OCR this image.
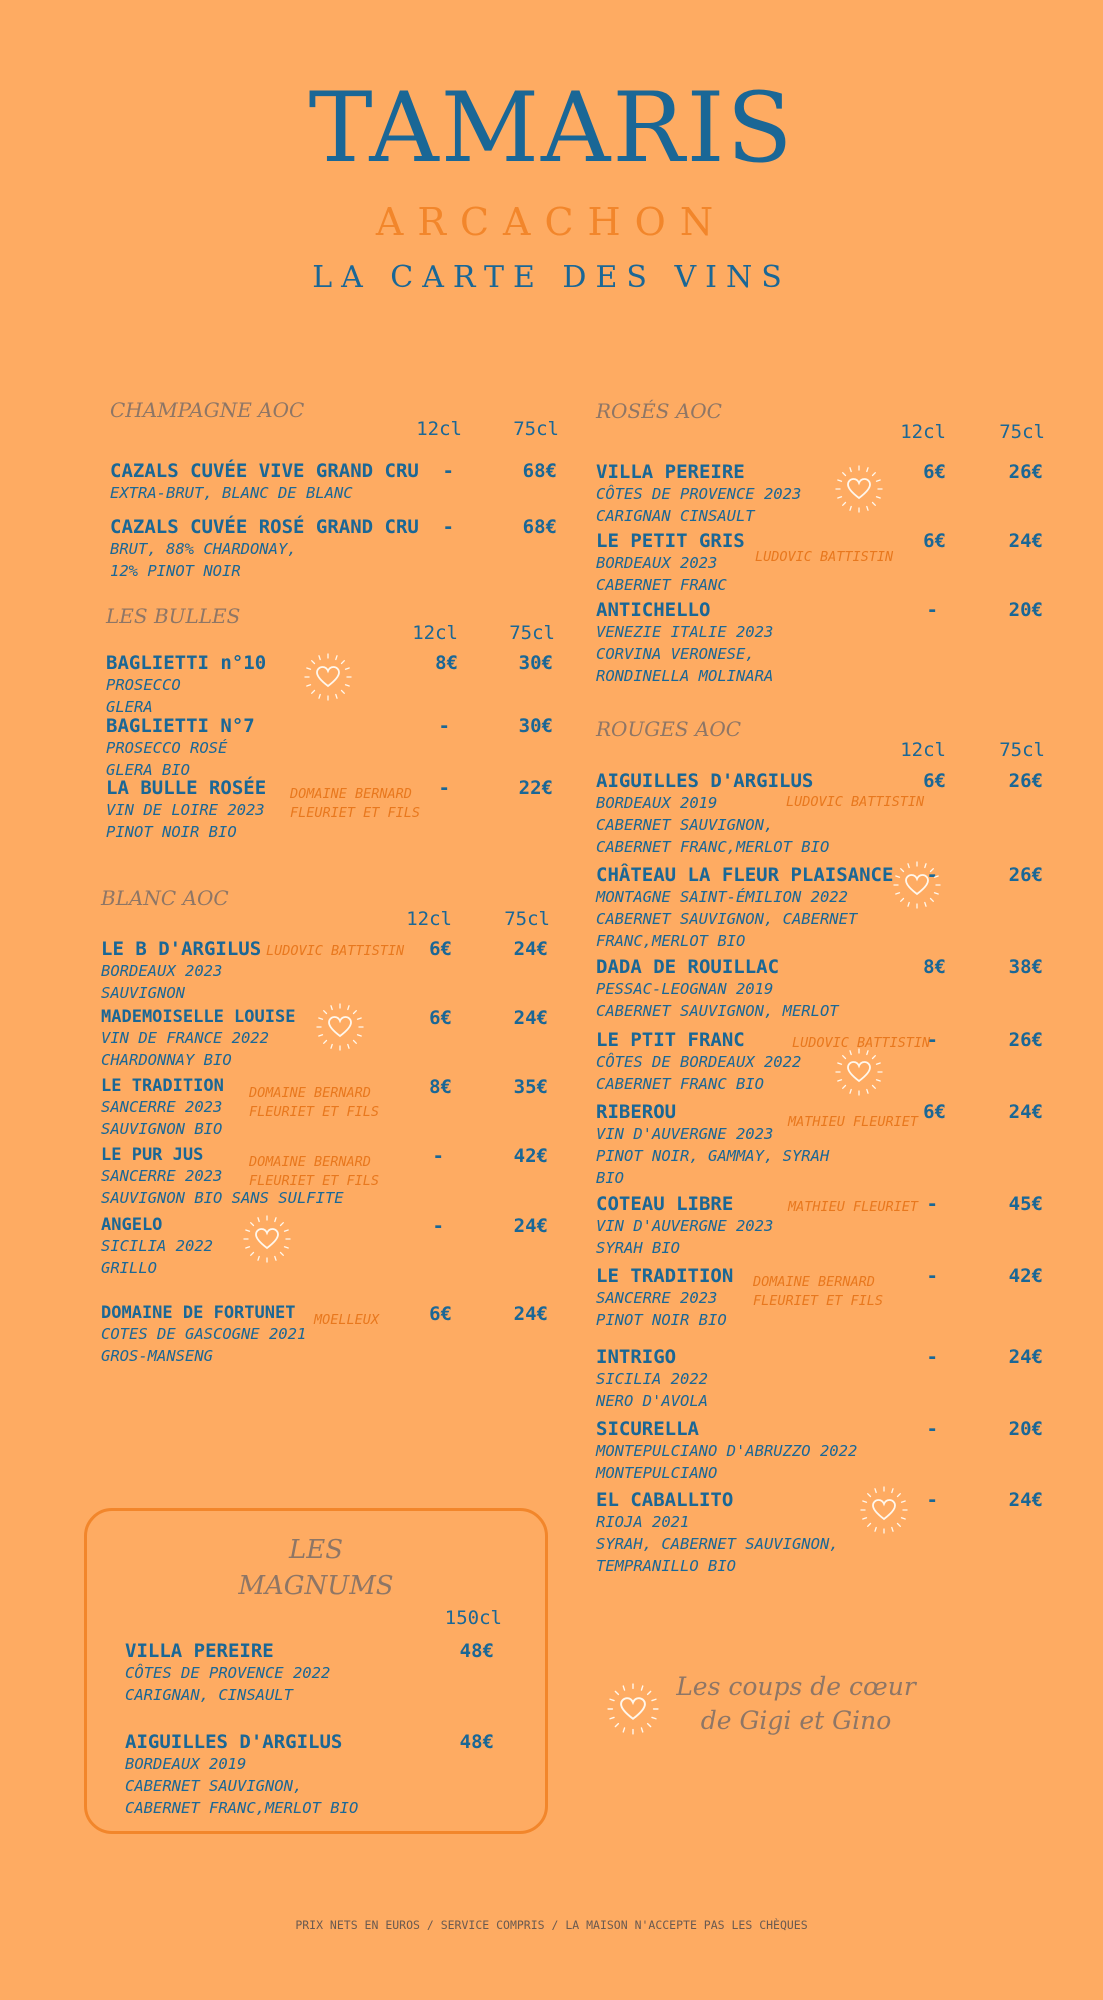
TAMARIS
ARCACHON
LA CARTE DES VINS
CHAMPAGNE AOC
12cl	75cl
CAZALS CUVÉE VIVE GRAND CRU
EXTRA-BRUT, BLANC DE BLANC
-	68€
CAZALS CUVÉE ROSÉ GRAND CRU
BRUT, 88% CHARDONAY,
12% PINOT NOIR
-	68€
LES BULLES
12cl	75cl
BAGLIETTI n°10
PROSECCO
GLERA
8€	30€
BAGLIETTI N°7
PROSECCO ROSÉ
GLERA BIO
-	30€
LA BULLE ROSÉE
VIN DE LOIRE 2023
PINOT NOIR BIO
-	22€
DOMAINE BERNARD
FLEURIET ET FILS
BLANC AOC
12cl	75cl
LE B D'ARGILUS
BORDEAUX 2023
SAUVIGNON
6€	24€
LUDOVIC BATTISTIN
MADEMOISELLE LOUISE
VIN DE FRANCE 2022
CHARDONNAY BIO
6€	24€
LE TRADITION
SANCERRE 2023
SAUVIGNON BIO
8€	35€
DOMAINE BERNARD
FLEURIET ET FILS
LE PUR JUS
SANCERRE 2023
SAUVIGNON BIO SANS SULFITE
-	42€
DOMAINE BERNARD
FLEURIET ET FILS
ANGELO
SICILIA 2022
GRILLO
-	24€
DOMAINE DE FORTUNET
COTES DE GASCOGNE 2021
GROS-MANSENG
6€	24€
MOELLEUX
ROSÉS AOC
12cl	75cl
VILLA PEREIRE
CÔTES DE PROVENCE 2023
CARIGNAN CINSAULT
6€	26€
LE PETIT GRIS
BORDEAUX 2023
CABERNET FRANC
6€	24€
LUDOVIC BATTISTIN
ANTICHELLO
VENEZIE ITALIE 2023
CORVINA VERONESE,
RONDINELLA MOLINARA
-	20€
ROUGES AOC
12cl	75cl
AIGUILLES D'ARGILUS
BORDEAUX 2019
CABERNET SAUVIGNON,
CABERNET FRANC,MERLOT BIO
6€	26€
LUDOVIC BATTISTIN
CHÂTEAU LA FLEUR PLAISANCE
MONTAGNE SAINT-ÉMILION 2022
CABERNET SAUVIGNON, CABERNET
FRANC,MERLOT BIO
-	26€
DADA DE ROUILLAC
PESSAC-LEOGNAN 2019
CABERNET SAUVIGNON, MERLOT
8€	38€
LE PTIT FRANC
CÔTES DE BORDEAUX 2022
CABERNET FRANC BIO
-	26€
LUDOVIC BATTISTIN
RIBEROU
VIN D'AUVERGNE 2023
PINOT NOIR, GAMMAY, SYRAH
BIO
6€	24€
MATHIEU FLEURIET
COTEAU LIBRE
VIN D'AUVERGNE 2023
SYRAH BIO
-	45€
MATHIEU FLEURIET
LE TRADITION
SANCERRE 2023
PINOT NOIR BIO
-	42€
DOMAINE BERNARD
FLEURIET ET FILS
INTRIGO
SICILIA 2022
NERO D'AVOLA
-	24€
SICURELLA
MONTEPULCIANO D'ABRUZZO 2022
MONTEPULCIANO
-	20€
EL CABALLITO
RIOJA 2021
SYRAH, CABERNET SAUVIGNON,
TEMPRANILLO BIO
-	24€
150cl
VILLA PEREIRE
CÔTES DE PROVENCE 2022
CARIGNAN, CINSAULT
48€
AIGUILLES D'ARGILUS
BORDEAUX 2019
CABERNET SAUVIGNON,
CABERNET FRANC,MERLOT BIO
48€
LES
MAGNUMS
Les coups de cœur
de Gigi et Gino
PRIX NETS EN EUROS / SERVICE COMPRIS / LA MAISON N'ACCEPTE PAS LES CHÈQUES
